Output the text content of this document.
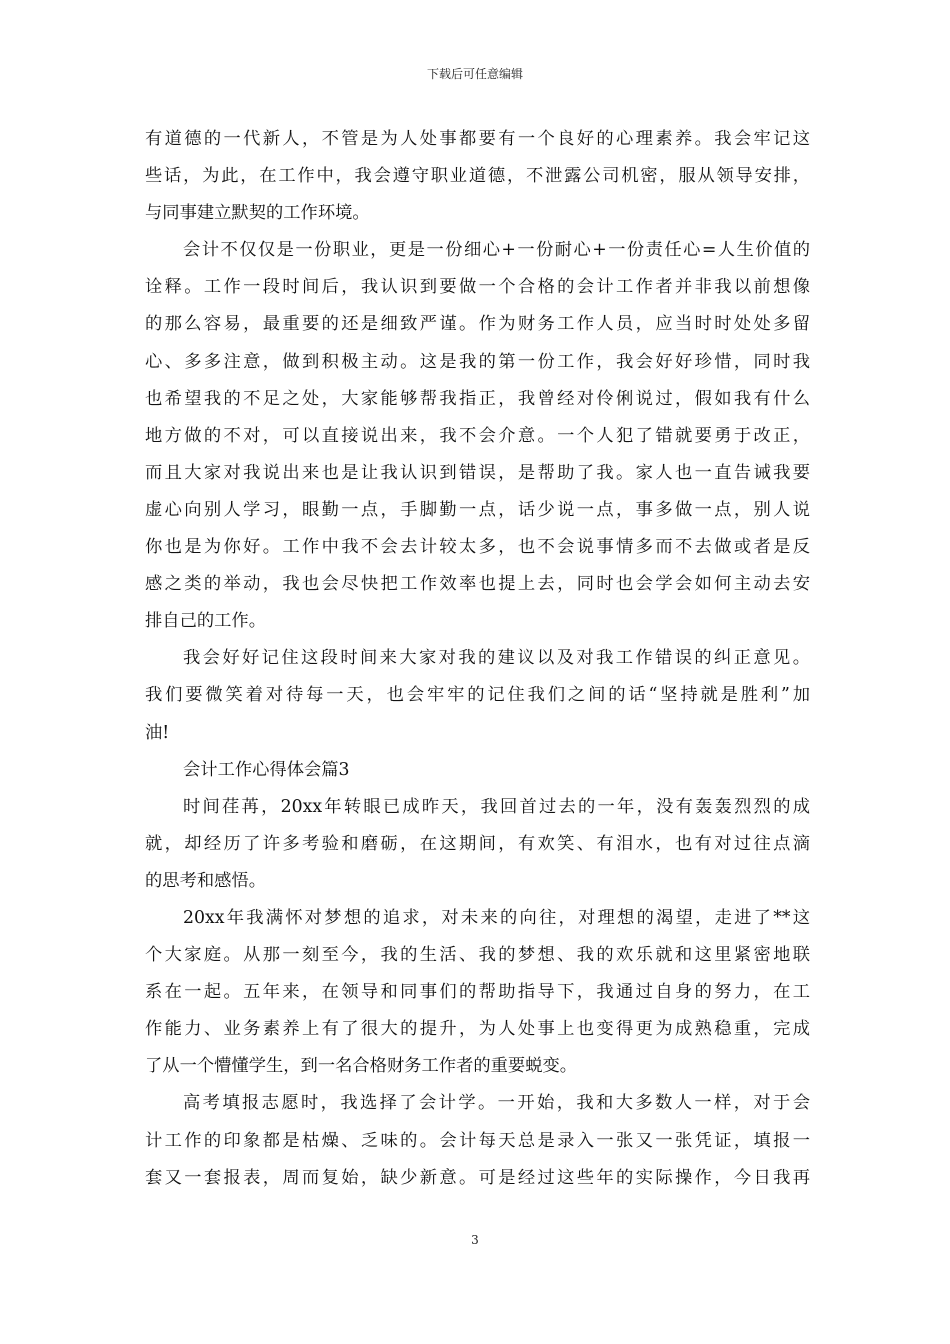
下载后可任意编辑
有道德的一代新人，不管是为人处事都要有一个良好的心理素养。我会牢记这
些话，为此，在工作中，我会遵守职业道德，不泄露公司机密，服从领导安排，
与同事建立默契的工作环境。
会计不仅仅是一份职业，更是一份细心+一份耐心+一份责任心=人生价值的
诠释。工作一段时间后，我认识到要做一个合格的会计工作者并非我以前想像
的那么容易，最重要的还是细致严谨。作为财务工作人员，应当时时处处多留
心、多多注意，做到积极主动。这是我的第一份工作，我会好好珍惜，同时我
也希望我的不足之处，大家能够帮我指正，我曾经对伶俐说过，假如我有什么
地方做的不对，可以直接说出来，我不会介意。一个人犯了错就要勇于改正，
而且大家对我说出来也是让我认识到错误，是帮助了我。家人也一直告诫我要
虚心向别人学习，眼勤一点，手脚勤一点，话少说一点，事多做一点，别人说
你也是为你好。工作中我不会去计较太多，也不会说事情多而不去做或者是反
感之类的举动，我也会尽快把工作效率也提上去，同时也会学会如何主动去安
排自己的工作。
我会好好记住这段时间来大家对我的建议以及对我工作错误的纠正意见。
我们要微笑着对待每一天，也会牢牢的记住我们之间的话“坚持就是胜利”加
油!
会计工作心得体会篇3
时间荏苒，20xx年转眼已成昨天，我回首过去的一年，没有轰轰烈烈的成
就，却经历了许多考验和磨砺，在这期间，有欢笑、有泪水，也有对过往点滴
的思考和感悟。
20xx年我满怀对梦想的追求，对未来的向往，对理想的渴望，走进了**这
个大家庭。从那一刻至今，我的生活、我的梦想、我的欢乐就和这里紧密地联
系在一起。五年来，在领导和同事们的帮助指导下，我通过自身的努力，在工
作能力、业务素养上有了很大的提升，为人处事上也变得更为成熟稳重，完成
了从一个懵懂学生，到一名合格财务工作者的重要蜕变。
高考填报志愿时，我选择了会计学。一开始，我和大多数人一样，对于会
计工作的印象都是枯燥、乏味的。会计每天总是录入一张又一张凭证，填报一
套又一套报表，周而复始，缺少新意。可是经过这些年的实际操作，今日我再
3
